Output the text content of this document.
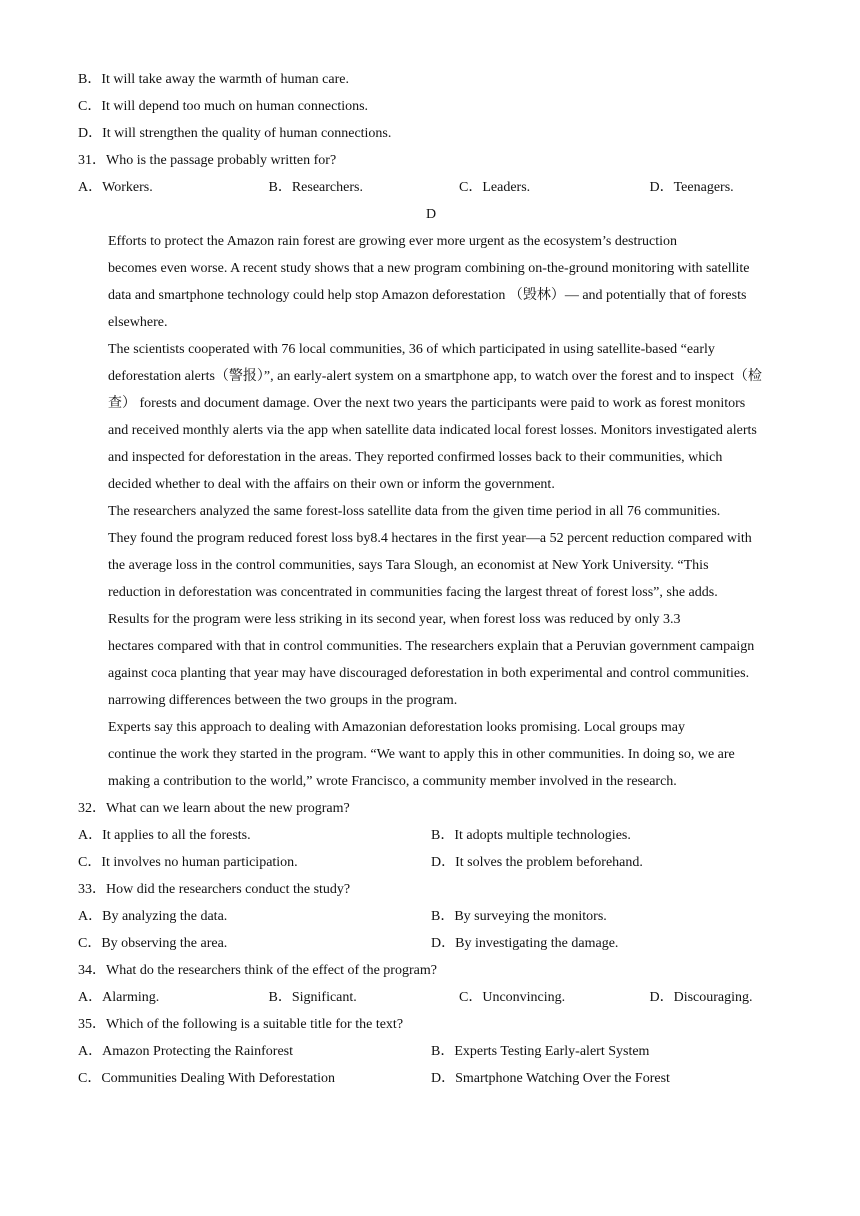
B．It will take away the warmth of human care.
C．It will depend too much on human connections.
D．It will strengthen the quality of human connections.
31．Who is the passage probably written for?
A．Workers.	B．Researchers.	C．Leaders.	D．Teenagers.
D
Efforts to protect the Amazon rain forest are growing ever more urgent as the ecosystem’s destruction
becomes even worse. A recent study shows that a new program combining on-the-ground monitoring with satellite
data and smartphone technology could help stop Amazon deforestation （毁林）— and potentially that of forests
elsewhere.
The scientists cooperated with 76 local communities, 36 of which participated in using satellite-based “early
deforestation alerts（警报）”, an early-alert system on a smartphone app, to watch over the forest and to inspect（检
查） forests and document damage. Over the next two years the participants were paid to work as forest monitors
and received monthly alerts via the app when satellite data indicated local forest losses. Monitors investigated alerts
and inspected for deforestation in the areas. They reported confirmed losses back to their communities, which
decided whether to deal with the affairs on their own or inform the government.
The researchers analyzed the same forest-loss satellite data from the given time period in all 76 communities.
They found the program reduced forest loss by8.4 hectares in the first year—a 52 percent reduction compared with
the average loss in the control communities, says Tara Slough, an economist at New York University. “This
reduction in deforestation was concentrated in communities facing the largest threat of forest loss”, she adds.
Results for the program were less striking in its second year, when forest loss was reduced by only 3.3
hectares compared with that in control communities. The researchers explain that a Peruvian government campaign
against coca planting that year may have discouraged deforestation in both experimental and control communities.
narrowing differences between the two groups in the program.
Experts say this approach to dealing with Amazonian deforestation looks promising. Local groups may
continue the work they started in the program. “We want to apply this in other communities. In doing so, we are
making a contribution to the world,” wrote Francisco, a community member involved in the research.
32．What can we learn about the new program?
A．It applies to all the forests.	B．It adopts multiple technologies.
C．It involves no human participation.	D．It solves the problem beforehand.
33．How did the researchers conduct the study?
A．By analyzing the data.	B．By surveying the monitors.
C．By observing the area.	D．By investigating the damage.
34．What do the researchers think of the effect of the program?
A．Alarming.	B．Significant.	C．Unconvincing.	D．Discouraging.
35．Which of the following is a suitable title for the text?
A．Amazon Protecting the Rainforest	B．Experts Testing Early-alert System
C．Communities Dealing With Deforestation	D．Smartphone Watching Over the Forest
